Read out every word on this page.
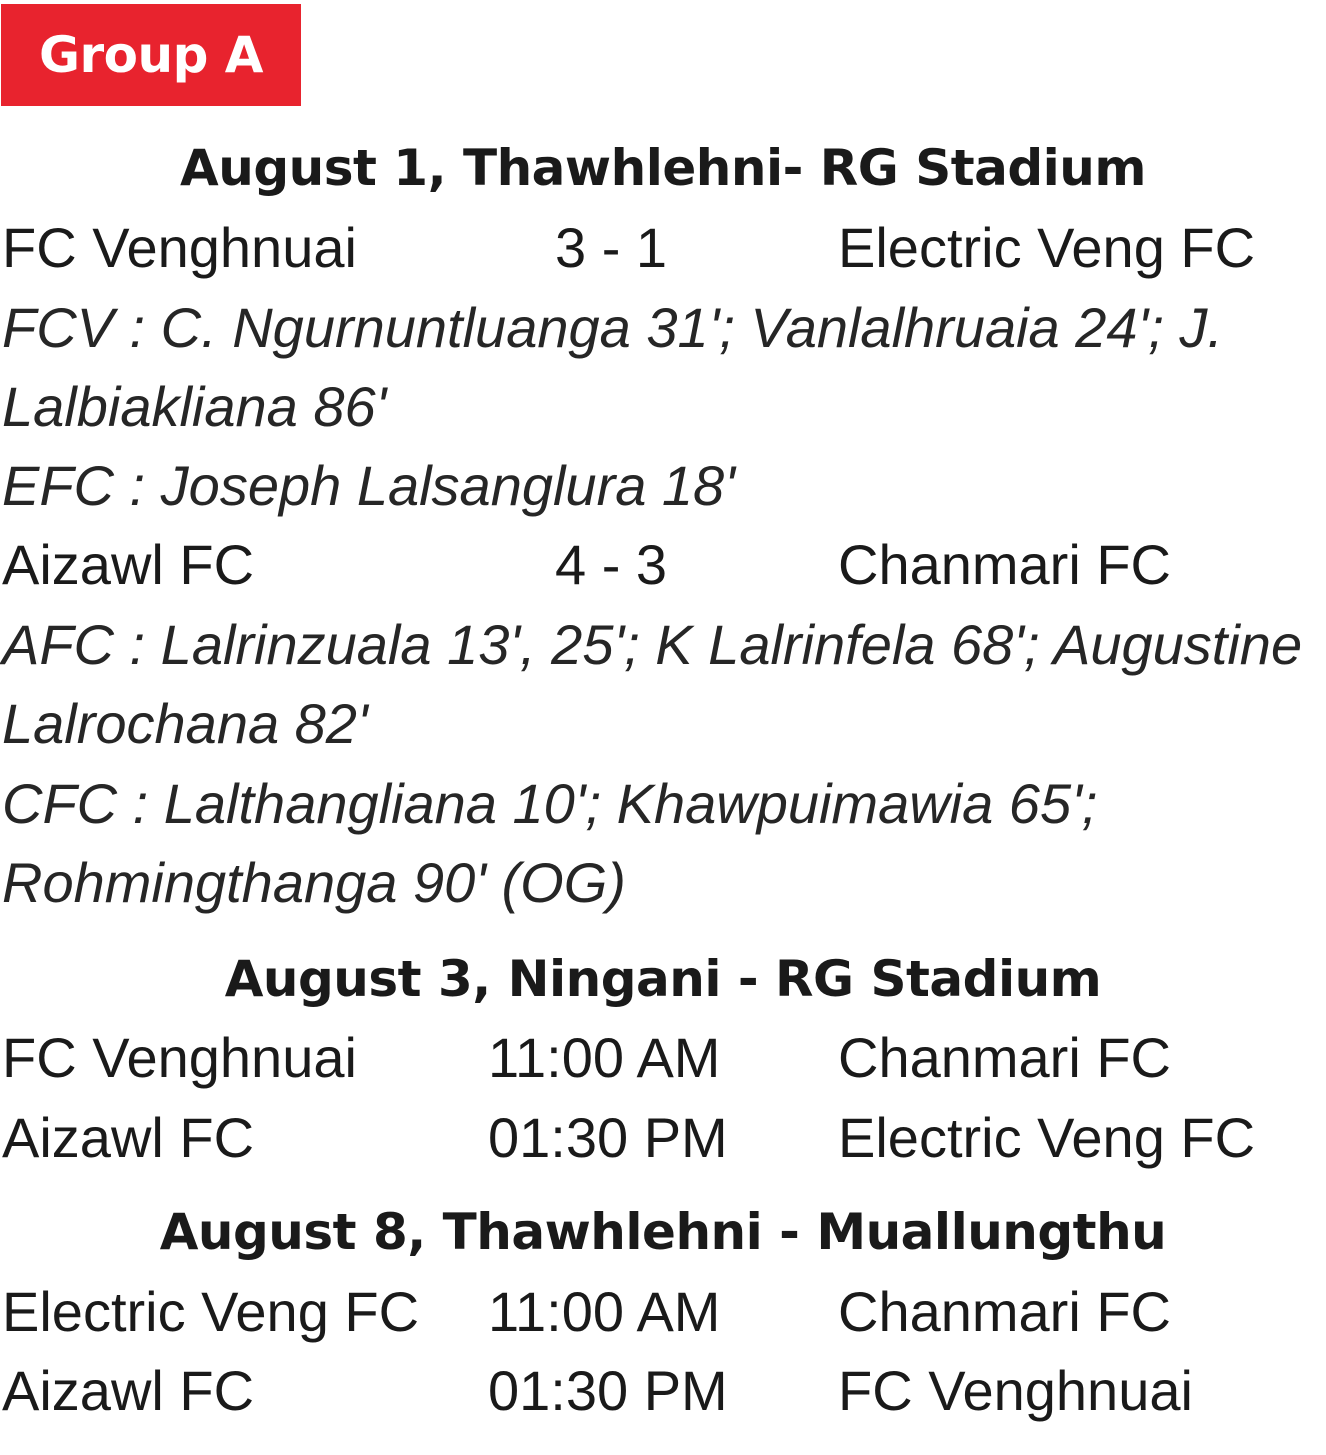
Group A
August 1, Thawhlehni- RG Stadium
FC Venghnuai	3 - 1	Electric Veng FC
FCV : C. Ngurnuntluanga 31'; Vanlalhruaia 24'; J. Lalbiakliana 86'
EFC : Joseph Lalsanglura 18'
Aizawl FC	4 - 3	Chanmari FC
AFC : Lalrinzuala 13', 25'; K Lalrinfela 68'; Augustine Lalrochana 82'
CFC : Lalthangliana 10'; Khawpuimawia 65'; Rohmingthanga 90' (OG)
August 3, Ningani - RG Stadium
FC Venghnuai 11:00 AM Chanmari FC
Aizawl FC	01:30 PM Electric Veng FC
August 8, Thawhlehni - Muallungthu
Electric Veng FC 11:00 AM Chanmari FC
Aizawl FC	01:30 PM FC Venghnuai
